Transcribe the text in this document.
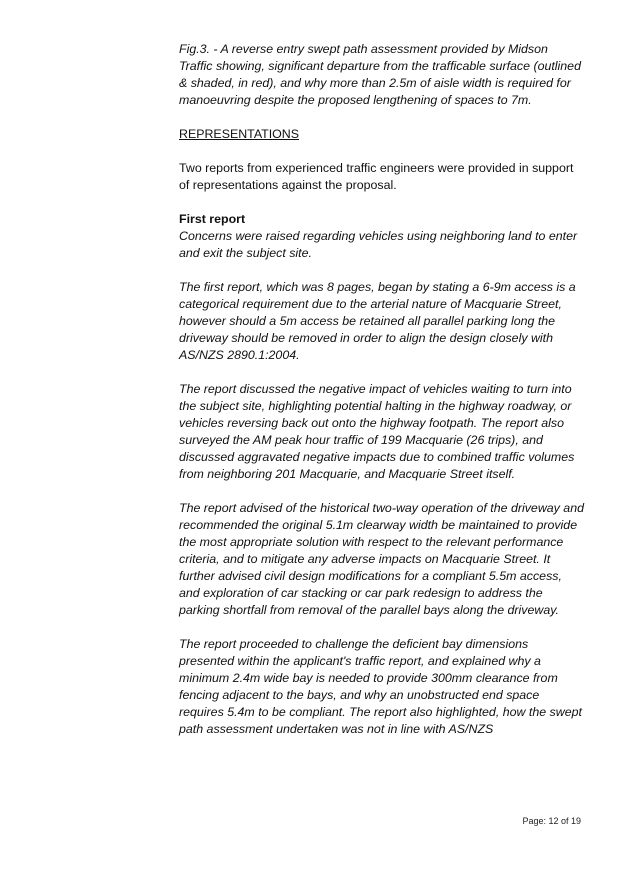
Fig.3. - A reverse entry swept path assessment provided by Midson Traffic showing, significant departure from the trafficable surface (outlined & shaded, in red), and why more than 2.5m of aisle width is required for manoeuvring despite the proposed lengthening of spaces to 7m.

REPRESENTATIONS

Two reports from experienced traffic engineers were provided in support of representations against the proposal.

First report

Concerns were raised regarding vehicles using neighboring land to enter and exit the subject site.

The first report, which was 8 pages, began by stating a 6-9m access is a categorical requirement due to the arterial nature of Macquarie Street, however should a 5m access be retained all parallel parking long the driveway should be removed in order to align the design closely with AS/NZS 2890.1:2004.

The report discussed the negative impact of vehicles waiting to turn into the subject site, highlighting potential halting in the highway roadway, or vehicles reversing back out onto the highway footpath. The report also surveyed the AM peak hour traffic of 199 Macquarie (26 trips), and discussed aggravated negative impacts due to combined traffic volumes from neighboring 201 Macquarie, and Macquarie Street itself.

The report advised of the historical two-way operation of the driveway and recommended the original 5.1m clearway width be maintained to provide the most appropriate solution with respect to the relevant performance criteria, and to mitigate any adverse impacts on Macquarie Street. It further advised civil design modifications for a compliant 5.5m access, and exploration of car stacking or car park redesign to address the parking shortfall from removal of the parallel bays along the driveway.

The report proceeded to challenge the deficient bay dimensions presented within the applicant's traffic report, and explained why a minimum 2.4m wide bay is needed to provide 300mm clearance from fencing adjacent to the bays, and why an unobstructed end space requires 5.4m to be compliant. The report also highlighted, how the swept path assessment undertaken was not in line with AS/NZS

Page: 12 of 19
